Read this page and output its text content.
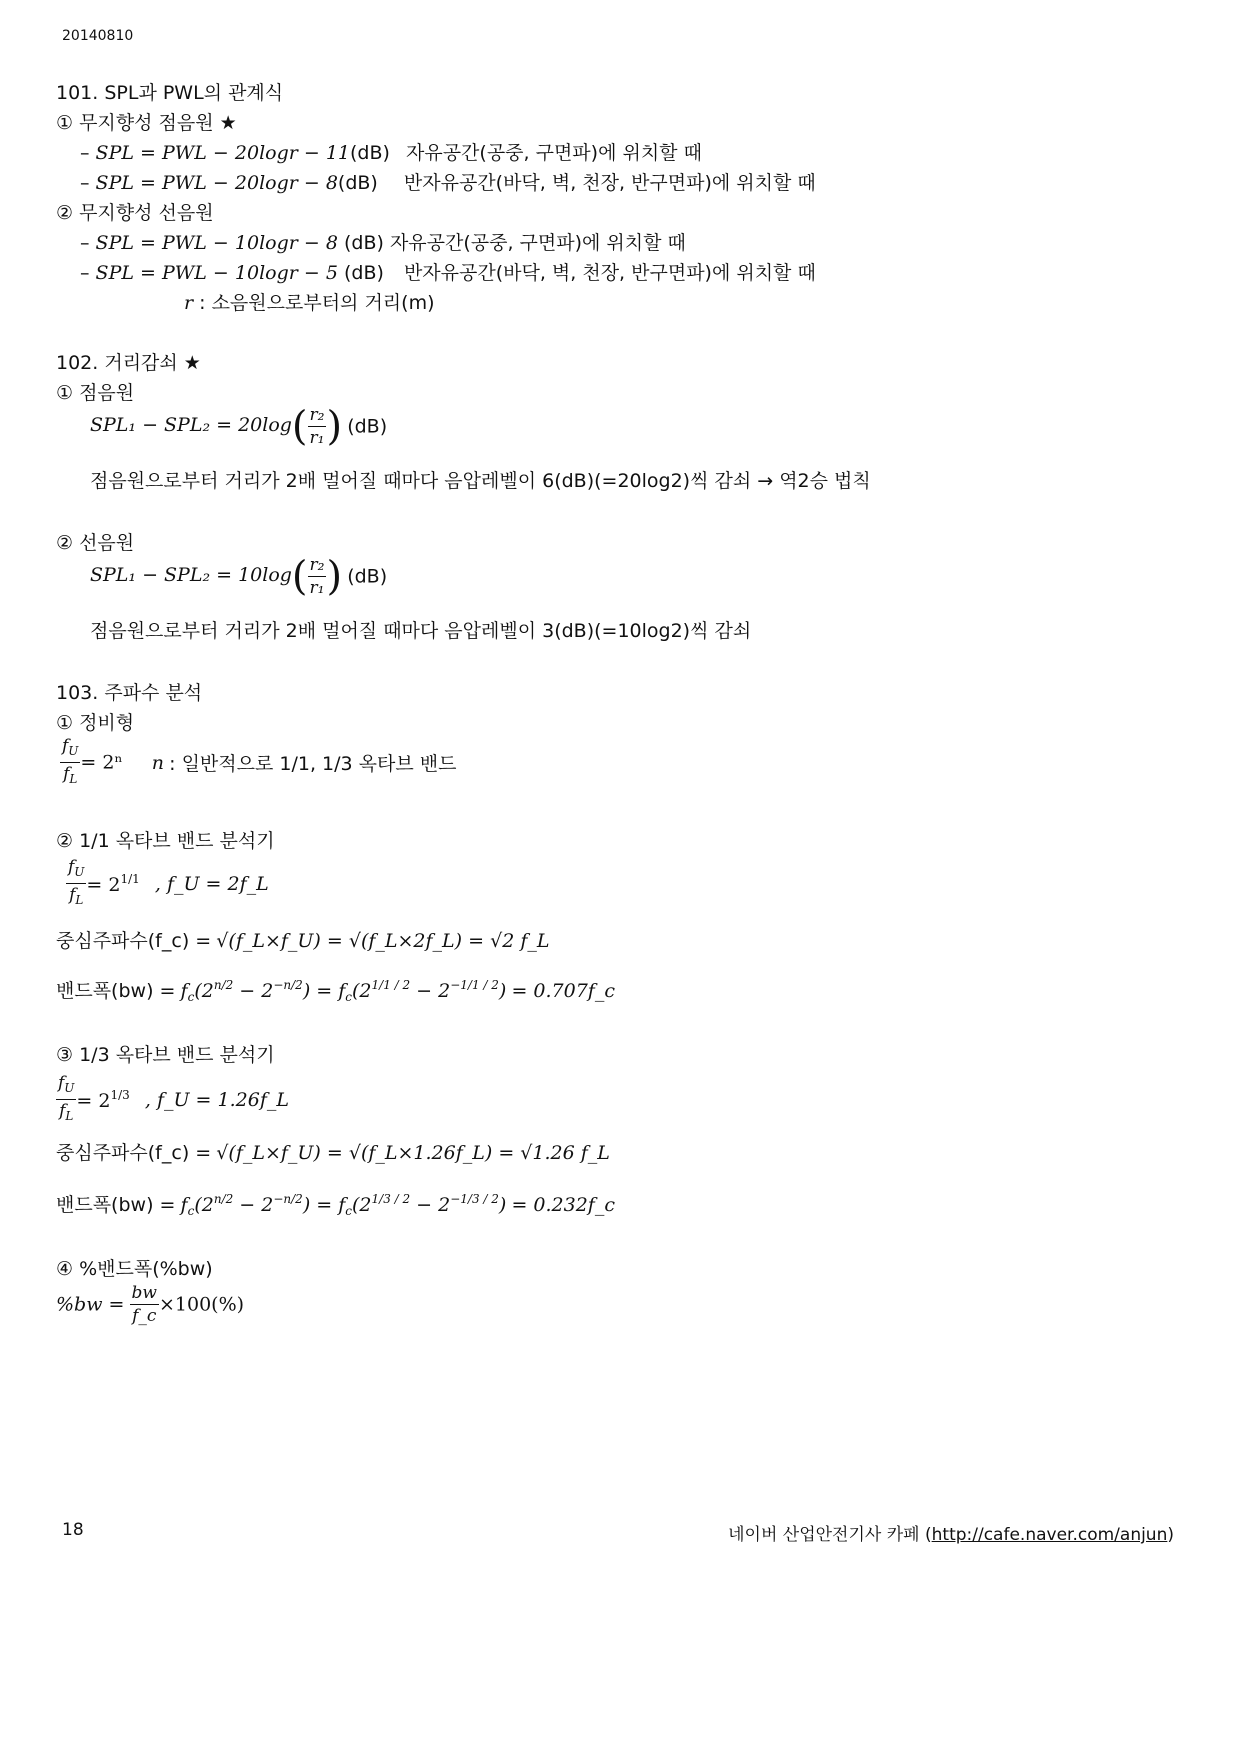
20140810
101. SPL과 PWL의 관계식
① 무지향성 점음원 ★
– SPL = PWL − 20logr − 11(dB) 자유공간(공중, 구면파)에 위치할 때
– SPL = PWL − 20logr − 8(dB) 반자유공간(바닥, 벽, 천장, 반구면파)에 위치할 때
② 무지향성 선음원
– SPL = PWL − 10logr − 8 (dB) 자유공간(공중, 구면파)에 위치할 때
– SPL = PWL − 10logr − 5 (dB) 반자유공간(바닥, 벽, 천장, 반구면파)에 위치할 때
r : 소음원으로부터의 거리(m)
102. 거리감쇠 ★
① 점음원
$SPL_1 - SPL_2 = 20\log( \frac{\text{r₂}}{\text{r₁}}$ ) (dB)
점음원으로부터 거리가 2배 멀어질 때마다 음압레벨이 6(dB)(=20log2)씩 감쇠 → 역2승 법칙
② 선음원
$SPL_1 - SPL_2 = 10\log( \frac{\text{r₂}}{\text{r₁}}$ ) (dB)
점음원으로부터 거리가 2배 멀어질 때마다 음압레벨이 3(dB)(=10log2)씩 감쇠
103. 주파수 분석
① 정비형
$\frac{f_U}{f_L} = 2^n$ n : 일반적으로 1/1, 1/3 옥타브 밴드
② 1/1 옥타브 밴드 분석기
$\frac{f_U}{f_L} = 2^{1/1}$ , f_U = 2f_L
중심주파수(f_c) = √(f_L×f_U) = √(f_L×2f_L) = √2 f_L
밴드폭$(bw) = f_c(2^{n/2} - 2^{-n/2}) = f_c(2^{1/1 / 2} - 2^{-1/1 / 2})$ = 0.707f_c
③ 1/3 옥타브 밴드 분석기
$\frac{f_U}{f_L} = 2^{1/3}$ , f_U = 1.26f_L
중심주파수(f_c) = √(f_L×f_U) = √(f_L×1.26f_L) = √1.26 f_L
밴드폭$(bw) = f_c(2^{n/2} - 2^{-n/2}) = f_c(2^{1/3 / 2} - 2^{-1/3 / 2})$ = 0.232f_c
④ %밴드폭(%bw)
$\%bw = \frac{bw}{f\_c} \times 100(\%)$
18	네이버 산업안전기사 카페 (http://cafe.naver.com/anjun)
